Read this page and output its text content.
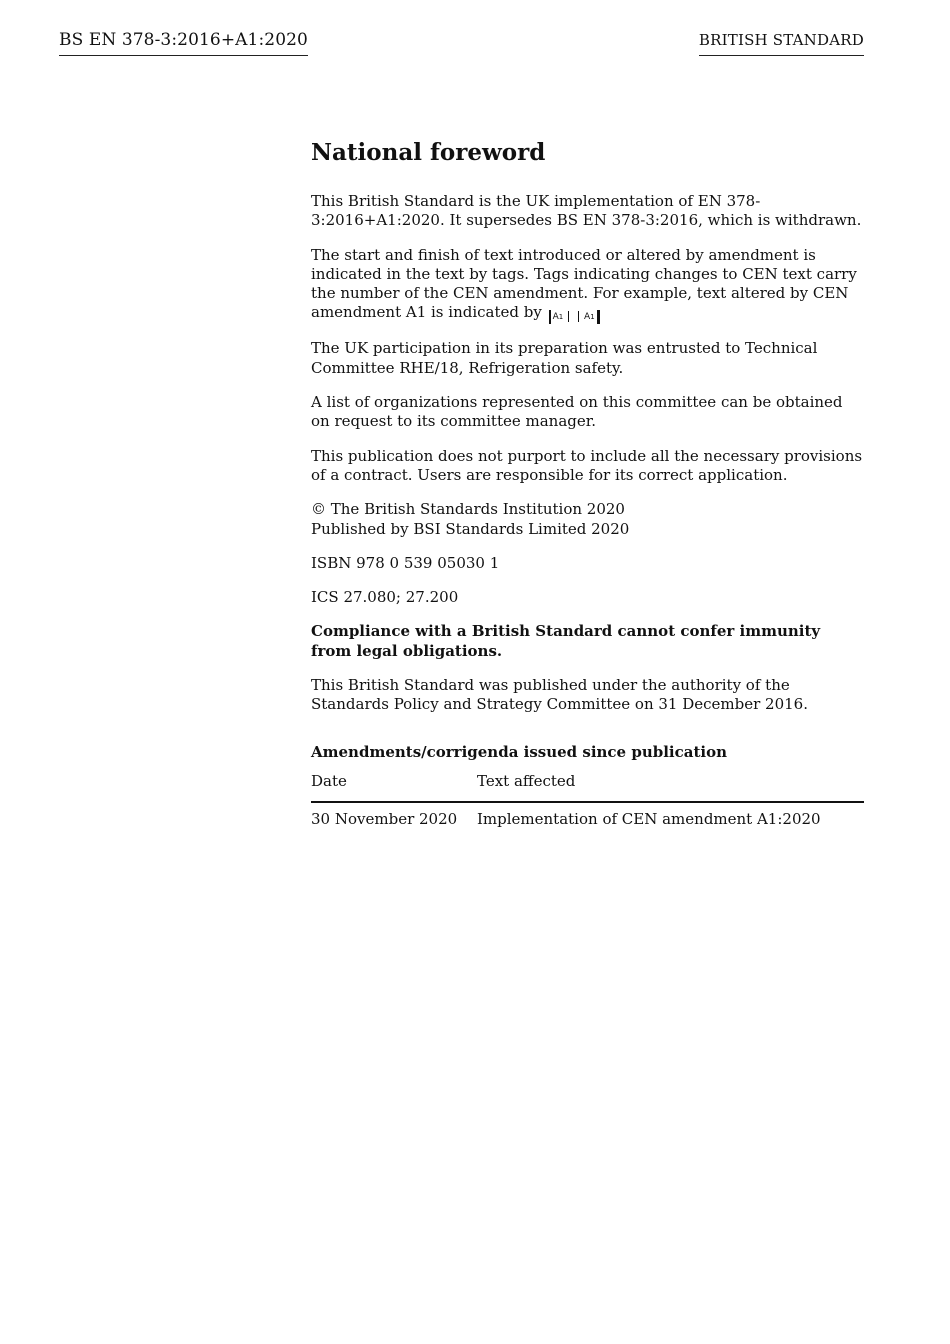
BS EN 378-3:2016+A1:2020	BRITISH STANDARD
National foreword

This British Standard is the UK implementation of EN 378-3:2016+A1:2020. It supersedes BS EN 378-3:2016, which is withdrawn.

The start and finish of text introduced or altered by amendment is indicated in the text by tags. Tags indicating changes to CEN text carry the number of the CEN amendment. For example, text altered by CEN amendment A1 is indicated by A1 A1

The UK participation in its preparation was entrusted to Technical Committee RHE/18, Refrigeration safety.

A list of organizations represented on this committee can be obtained on request to its committee manager.

This publication does not purport to include all the necessary provisions of a contract. Users are responsible for its correct application.

© The British Standards Institution 2020
Published by BSI Standards Limited 2020

ISBN 978 0 539 05030 1

ICS 27.080; 27.200

Compliance with a British Standard cannot confer immunity from legal obligations.

This British Standard was published under the authority of the Standards Policy and Strategy Committee on 31 December 2016.

Amendments/corrigenda issued since publication
Date	Text affected
30 November 2020	Implementation of CEN amendment A1:2020
